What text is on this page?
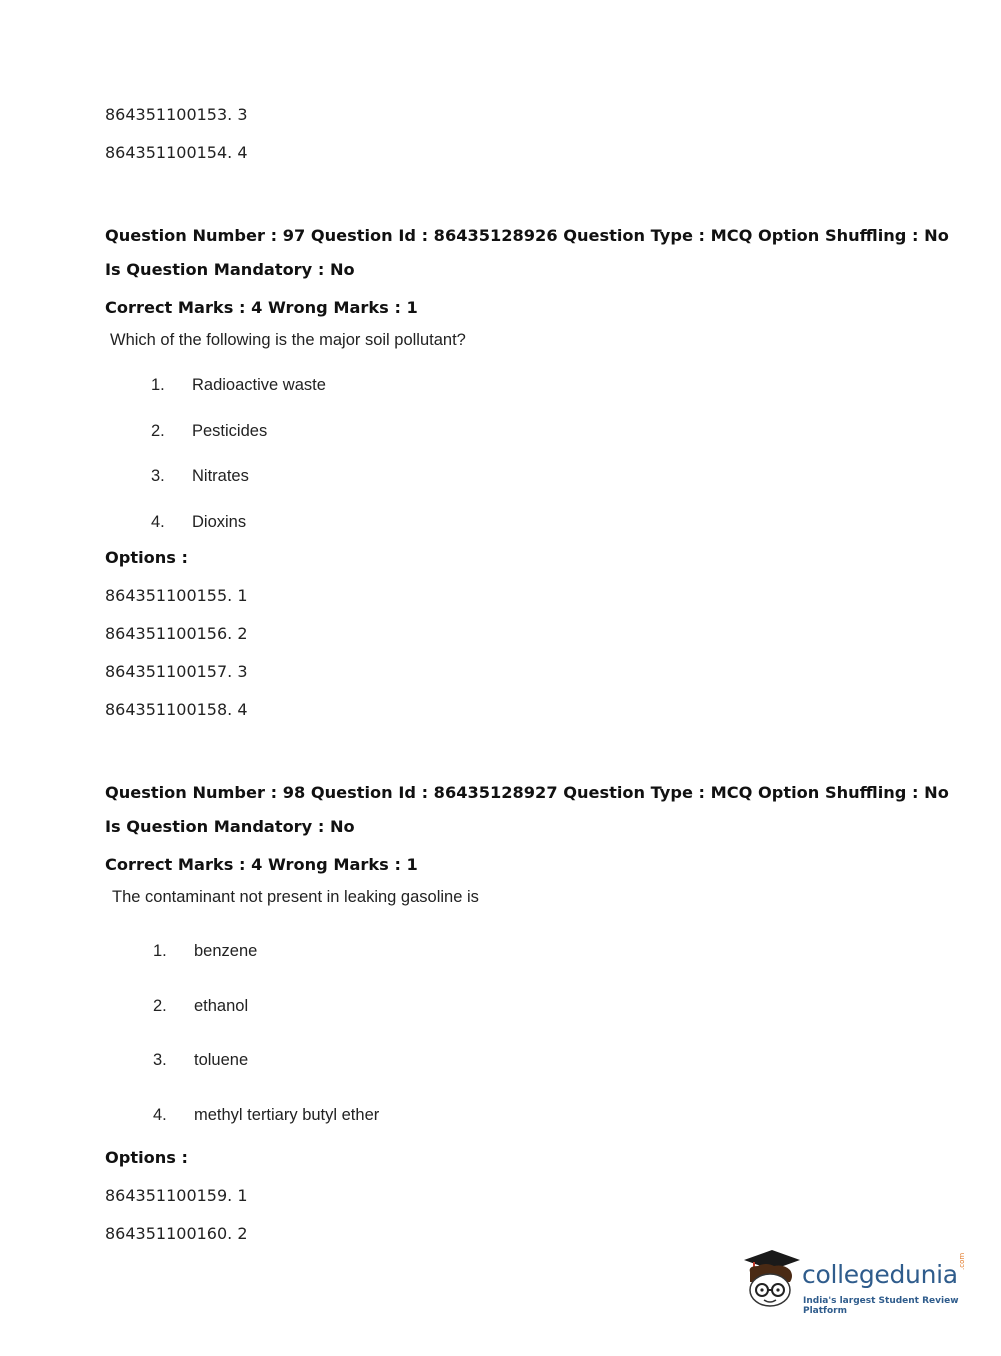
864351100153. 3
864351100154. 4
Question Number : 97 Question Id : 86435128926 Question Type : MCQ Option Shuffling : No
Is Question Mandatory : No
Correct Marks : 4 Wrong Marks : 1
Which of the following is the major soil pollutant?
1. Radioactive waste
2. Pesticides
3. Nitrates
4. Dioxins
Options :
864351100155. 1
864351100156. 2
864351100157. 3
864351100158. 4
Question Number : 98 Question Id : 86435128927 Question Type : MCQ Option Shuffling : No
Is Question Mandatory : No
Correct Marks : 4 Wrong Marks : 1
The contaminant not present in leaking gasoline is
1. benzene
2. ethanol
3. toluene
4. methyl tertiary butyl ether
Options :
864351100159. 1
864351100160. 2
collegedunia .com
India's largest Student Review Platform
